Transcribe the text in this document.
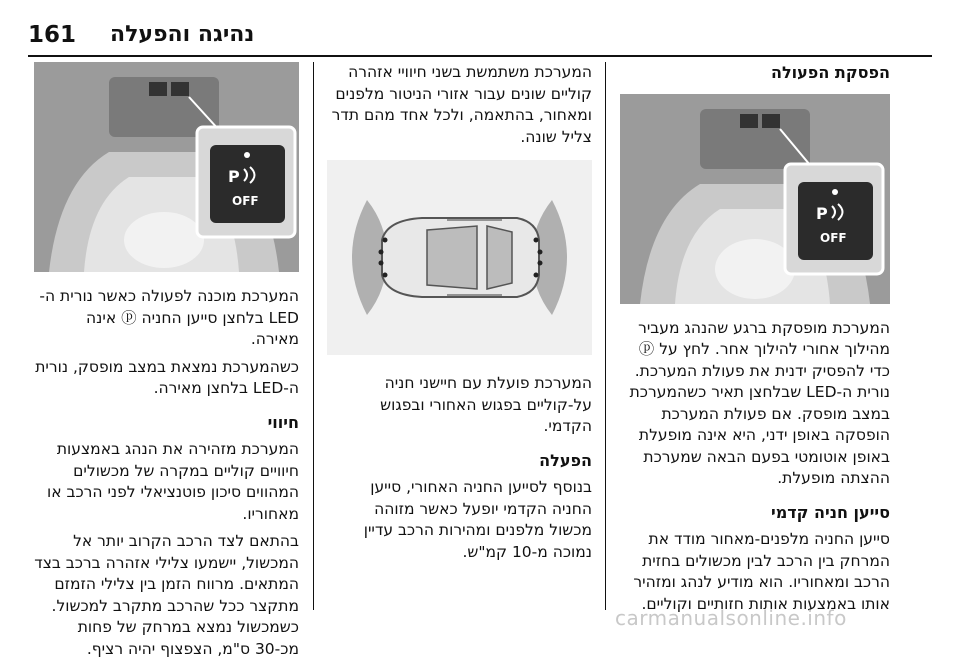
161 נהיגה והפעלה
הפסקת הפעולה
P
OFF

המערכת מופסקת ברגע שהנהג מעביר מהילוך אחורי להילוך אחר. לחץ על ⓟ כדי להפסיק ידנית את פעולת המערכת. נורית ה-LED שבלחצן תאיר כשהמערכת במצב מופסק. אם פעולת המערכת הופסקה באופן ידני, היא אינה מופעלת באופן אוטומטי בפעם הבאה שמערכת ההצתה מופעלת.

סייען חניה קדמי

סייען החניה מלפנים-מאחור מודד את המרחק בין הרכב לבין מכשולים בחזית הרכב ומאחוריו. הוא מודיע לנהג ומזהיר אותו באמצעות אותות חזותיים וקוליים.

המערכת משתמשת בשני חיוויי אזהרה קוליים שונים עבור אזורי הניטור מלפנים ומאחור, בהתאמה, ולכל אחד מהם תדר צליל שונה.

המערכת פועלת עם חיישני חניה על-קוליים בפגוש האחורי ובפגוש הקדמי.

הפעלה

בנוסף לסייען החניה האחורי, סייען החניה הקדמי יופעל כאשר מזוהה מכשול מלפנים ומהירות הרכב עדיין נמוכה מ-10 קמ"ש.

P
OFF

המערכת מוכנה לפעולה כאשר נורית ה-LED בלחצן סייען החניה ⓟ אינה מאירה.

כשהמערכת נמצאת במצב מופסק, נורית ה-LED בלחצן מאירה.

חיווי

המערכת מזהירה את הנהג באמצעות חיוויים קוליים במקרה של מכשולים המהווים סיכון פוטנציאלי לפני הרכב או מאחוריו.

בהתאם לצד הרכב הקרוב יותר אל המכשול, יישמעו צלילי אזהרה ברכב בצד המתאים. מרווח הזמן בין צלילי הזמזם מתקצר ככל שהרכב מתקרב למכשול. כשמכשול נמצא במרחק של פחות מכ-30 ס"מ, הצפצוף יהיה רציף.

carmanualsonline.info
